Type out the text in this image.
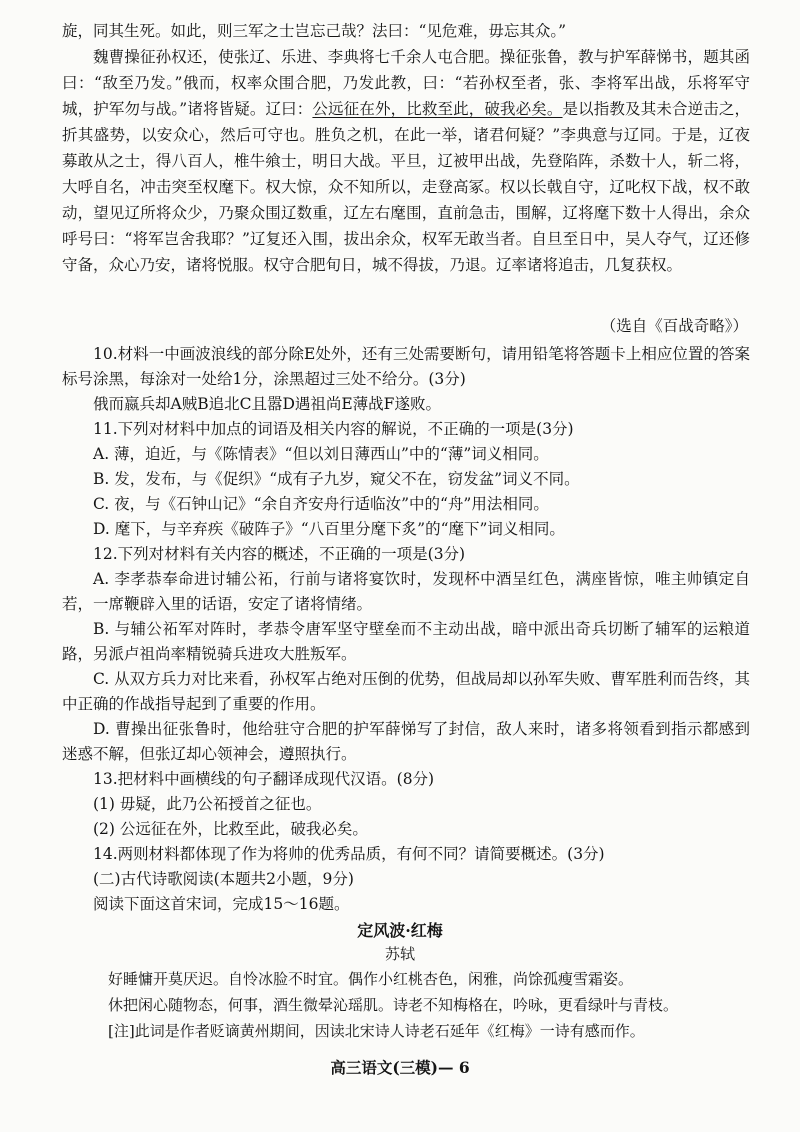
旋，同其生死。如此，则三军之士岂忘己哉？法曰：“见危难，毋忘其众。”

魏曹操征孙权还，使张辽、乐进、李典将七千余人屯合肥。操征张鲁，教与护军薛悌书，题其函曰：“敌至乃发。”俄而，权率众围合肥，乃发此教，曰：“若孙权至者，张、李将军出战，乐将军守城，护军勿与战。”诸将皆疑。辽曰：公远征在外，比救至此，破我必矣。是以指教及其未合逆击之，折其盛势，以安众心，然后可守也。胜负之机，在此一举，诸君何疑？”李典意与辽同。于是，辽夜募敢从之士，得八百人，椎牛飨士，明日大战。平旦，辽被甲出战，先登陷阵，杀数十人，斩二将，大呼自名，冲击突至权麾下。权大惊，众不知所以，走登高冢。权以长戟自守，辽叱权下战，权不敢动，望见辽所将众少，乃聚众围辽数重，辽左右麾围，直前急击，围解，辽将麾下数十人得出，余众呼号曰：“将军岂舍我耶？”辽复还入围，拔出余众，权军无敢当者。自旦至日中，吴人夺气，辽还修守备，众心乃安，诸将悦服。权守合肥旬日，城不得拔，乃退。辽率诸将追击，几复获权。

（选自《百战奇略》）

10.材料一中画波浪线的部分除E处外，还有三处需要断句，请用铅笔将答题卡上相应位置的答案标号涂黑，每涂对一处给1分，涂黑超过三处不给分。(3分)

俄而嬴兵却A贼B追北C且嚣D遇祖尚E薄战F遂败。

11.下列对材料中加点的词语及相关内容的解说，不正确的一项是(3分)

A. 薄，迫近，与《陈情表》“但以刘日薄西山”中的“薄”词义相同。

B. 发，发布，与《促织》“成有子九岁，窥父不在，窃发盆”词义不同。

C. 夜，与《石钟山记》“余自齐安舟行适临汝”中的“舟”用法相同。

D. 麾下，与辛弃疾《破阵子》“八百里分麾下炙”的“麾下”词义相同。

12.下列对材料有关内容的概述，不正确的一项是(3分)

A. 李孝恭奉命进讨辅公祏，行前与诸将宴饮时，发现杯中酒呈红色，满座皆惊，唯主帅镇定自若，一席鞭辟入里的话语，安定了诸将情绪。

B. 与辅公祏军对阵时，孝恭令唐军坚守壁垒而不主动出战，暗中派出奇兵切断了辅军的运粮道路，另派卢祖尚率精锐骑兵进攻大胜叛军。

C. 从双方兵力对比来看，孙权军占绝对压倒的优势，但战局却以孙军失败、曹军胜利而告终，其中正确的作战指导起到了重要的作用。

D. 曹操出征张鲁时，他给驻守合肥的护军薛悌写了封信，敌人来时，诸多将领看到指示都感到迷惑不解，但张辽却心领神会，遵照执行。

13.把材料中画横线的句子翻译成现代汉语。(8分)

(1) 毋疑，此乃公祏授首之征也。

(2) 公远征在外，比救至此，破我必矣。

14.两则材料都体现了作为将帅的优秀品质，有何不同？请简要概述。(3分)

(二)古代诗歌阅读(本题共2小题，9分)

阅读下面这首宋词，完成15～16题。

定风波·红梅
苏轼

好睡慵开莫厌迟。自怜冰脸不时宜。偶作小红桃杏色，闲雅，尚馀孤瘦雪霜姿。

休把闲心随物态，何事，酒生微晕沁瑶肌。诗老不知梅格在，吟咏，更看绿叶与青枝。

[注]此词是作者贬谪黄州期间，因读北宋诗人诗老石延年《红梅》一诗有感而作。

高三语文(三模)— 6
